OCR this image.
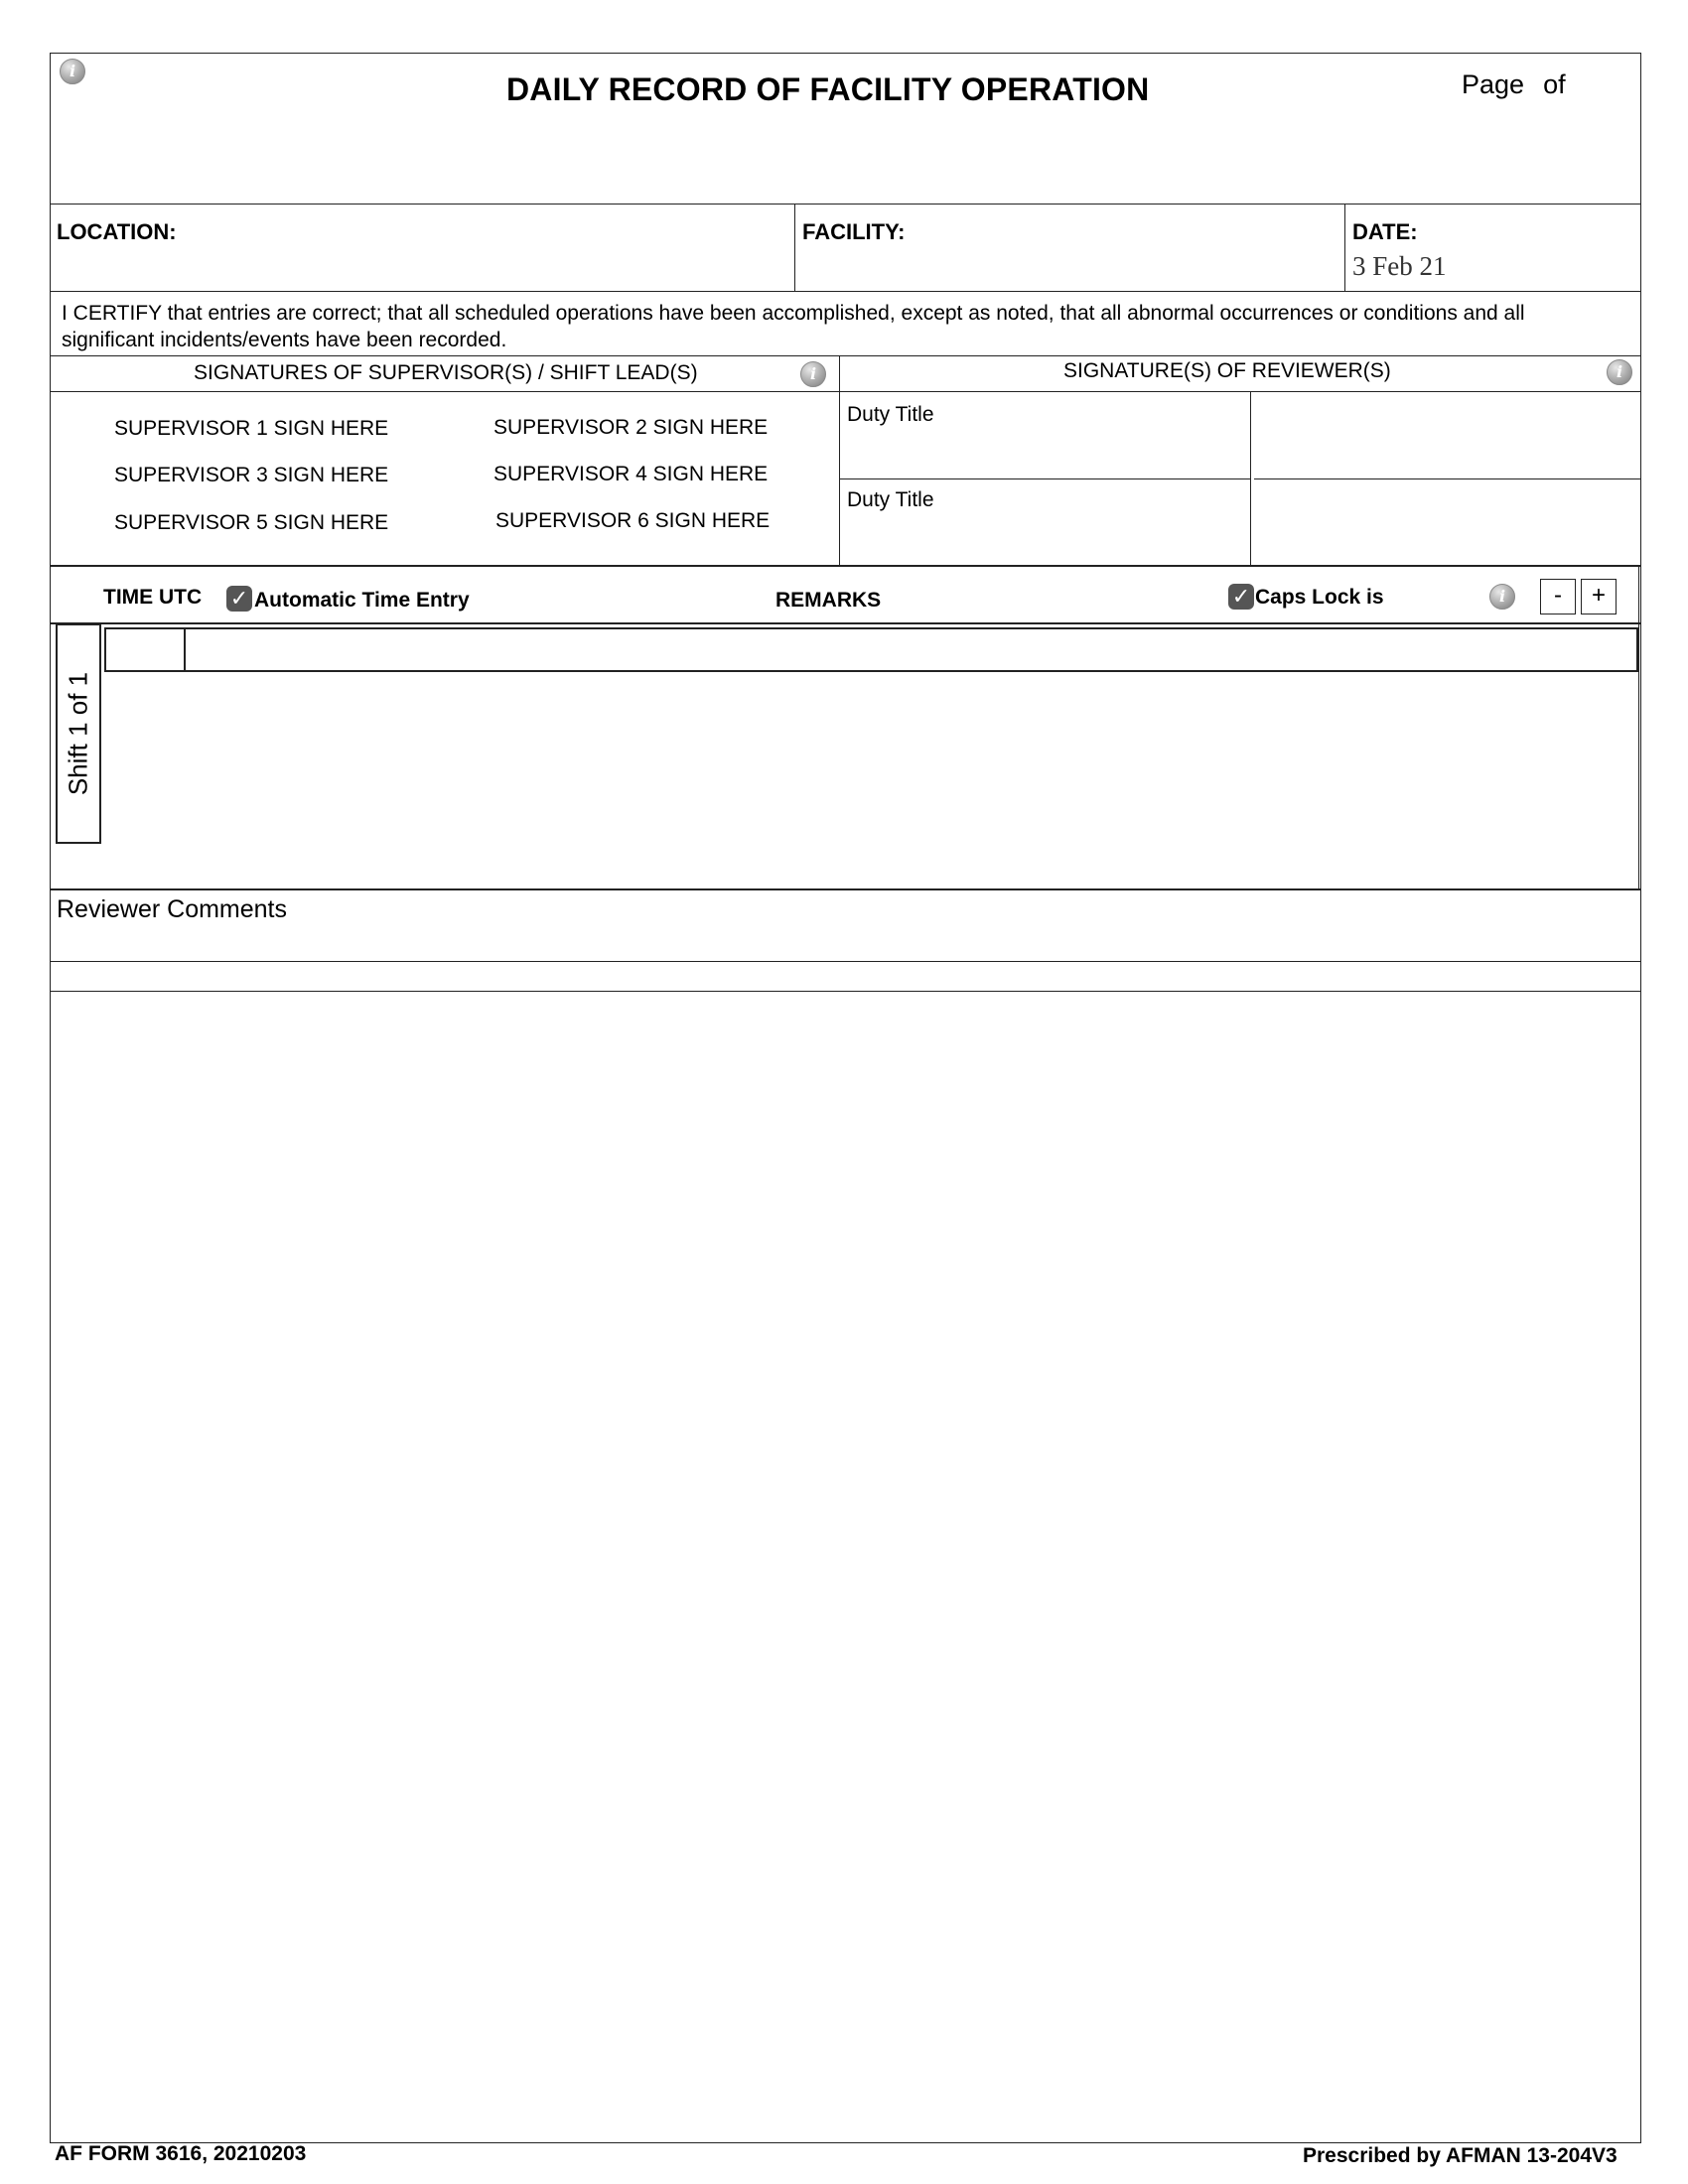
i
DAILY RECORD OF FACILITY OPERATION	Page of
LOCATION:	FACILITY:	DATE:
3 Feb 21
I CERTIFY that entries are correct; that all scheduled operations have been accomplished, except as noted, that all abnormal occurrences or conditions and all significant incidents/events have been recorded.
SIGNATURES OF SUPERVISOR(S) / SHIFT LEAD(S)	i	SIGNATURE(S) OF REVIEWER(S)	i
SUPERVISOR 1 SIGN HERE	SUPERVISOR 2 SIGN HERE
SUPERVISOR 3 SIGN HERE	SUPERVISOR 4 SIGN HERE
SUPERVISOR 5 SIGN HERE	SUPERVISOR 6 SIGN HERE
Duty Title
Duty Title
TIME UTC ✓ Automatic Time Entry	REMARKS	✓ Caps Lock is	i	-	+
Shift 1 of 1
Reviewer Comments
AF FORM 3616, 20210203	Prescribed by AFMAN 13-204V3
